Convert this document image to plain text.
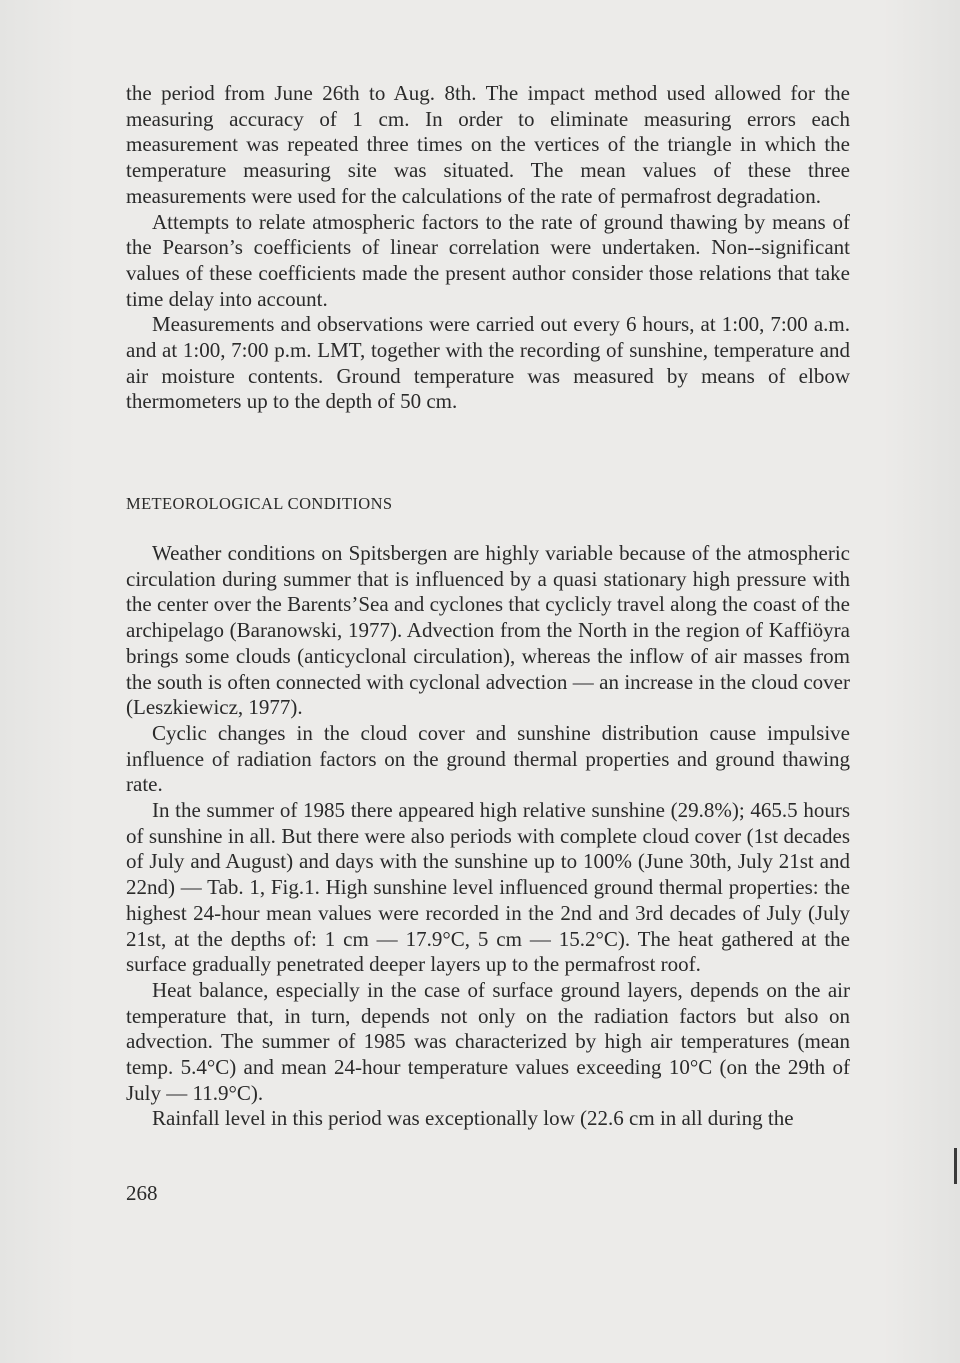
the period from June 26th to Aug. 8th. The impact method used allowed for the measuring accuracy of 1 cm. In order to eliminate measuring errors each measurement was repeated three times on the vertices of the triangle in which the temperature measuring site was situated. The mean values of these three measurements were used for the calculations of the rate of permafrost degradation.

Attempts to relate atmospheric factors to the rate of ground thawing by means of the Pearson’s coefficients of linear correlation were undertaken. Non--significant values of these coefficients made the present author consider those relations that take time delay into account.

Measurements and observations were carried out every 6 hours, at 1:00, 7:00 a.m. and at 1:00, 7:00 p.m. LMT, together with the recording of sunshine, temperature and air moisture contents. Ground temperature was measured by means of elbow thermometers up to the depth of 50 cm.

METEOROLOGICAL CONDITIONS

Weather conditions on Spitsbergen are highly variable because of the atmospheric circulation during summer that is influenced by a quasi stationary high pressure with the center over the Barents’Sea and cyclones that cyclicly travel along the coast of the archipelago (Baranowski, 1977). Advection from the North in the region of Kaffiöyra brings some clouds (anticyclonal circulation), whereas the inflow of air masses from the south is often connected with cyclonal advection — an increase in the cloud cover (Leszkiewicz, 1977).

Cyclic changes in the cloud cover and sunshine distribution cause impulsive influence of radiation factors on the ground thermal properties and ground thawing rate.

In the summer of 1985 there appeared high relative sunshine (29.8%); 465.5 hours of sunshine in all. But there were also periods with complete cloud cover (1st decades of July and August) and days with the sunshine up to 100% (June 30th, July 21st and 22nd) — Tab. 1, Fig.1. High sunshine level influenced ground thermal properties: the highest 24-hour mean values were recorded in the 2nd and 3rd decades of July (July 21st, at the depths of: 1 cm — 17.9°C, 5 cm — 15.2°C). The heat gathered at the surface gradually penetrated deeper layers up to the permafrost roof.

Heat balance, especially in the case of surface ground layers, depends on the air temperature that, in turn, depends not only on the radiation factors but also on advection. The summer of 1985 was characterized by high air temperatures (mean temp. 5.4°C) and mean 24-hour temperature values exceeding 10°C (on the 29th of July — 11.9°C).

Rainfall level in this period was exceptionally low (22.6 cm in all during the

268
